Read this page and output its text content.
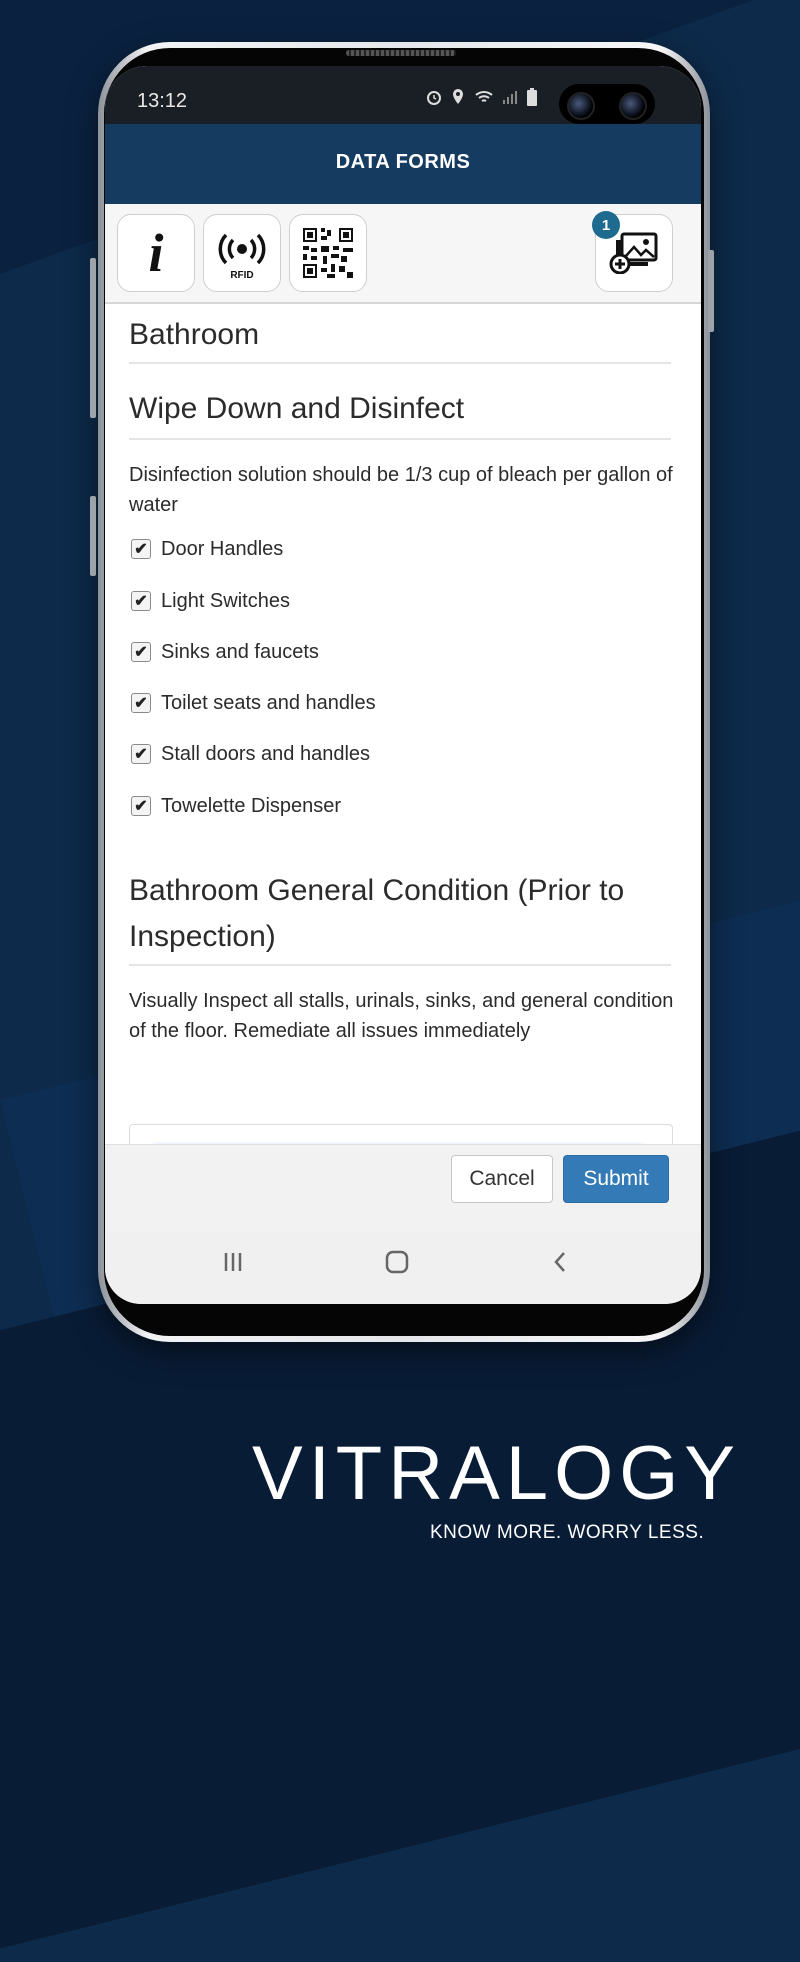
13:12

DATA FORMS
i	RFID
1
Bathroom
Wipe Down and Disinfect
Disinfection solution should be 1/3 cup of bleach per gallon of water
✔ Door Handles
✔ Light Switches
✔ Sinks and faucets
✔ Toilet seats and handles
✔ Stall doors and handles
✔ Towelette Dispenser
Bathroom General Condition (Prior to Inspection)
Visually Inspect all stalls, urinals, sinks, and general condition of the floor. Remediate all issues immediately
Cancel	Submit
VITRALOGY
KNOW MORE. WORRY LESS.
